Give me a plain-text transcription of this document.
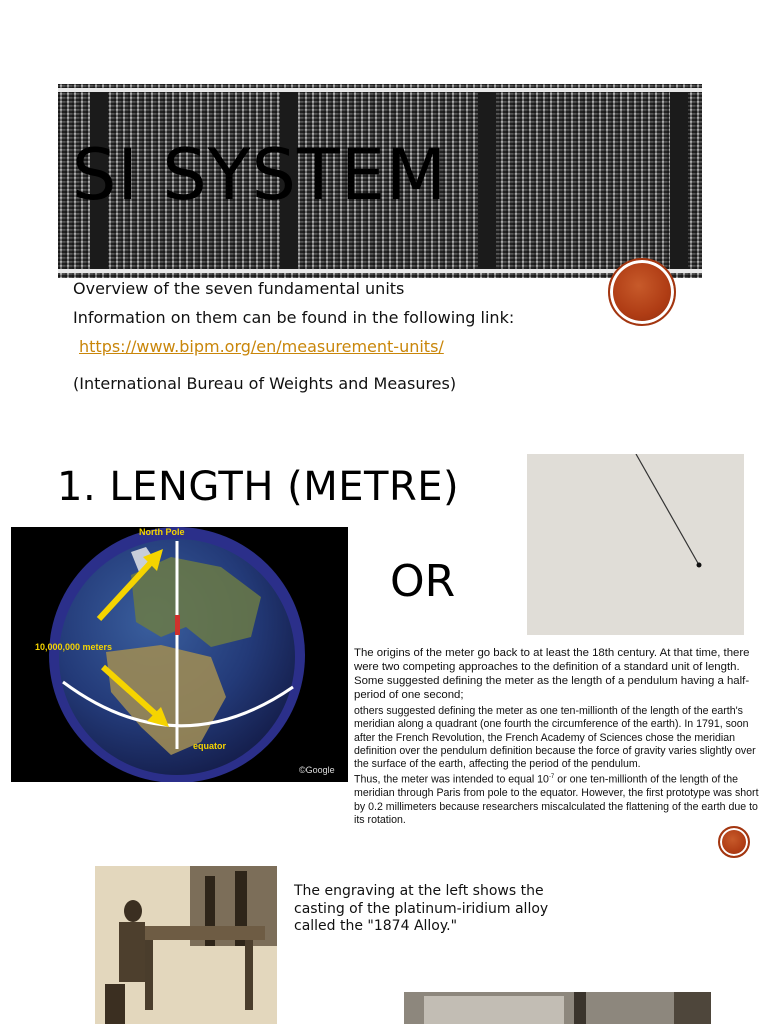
SI SYSTEM
Overview of the seven fundamental units
Information on them can be found in the following link:
https://www.bipm.org/en/measurement-units/
(International Bureau of Weights and Measures)
1. LENGTH (METRE)
North Pole
10,000,000 meters
equator
©Google
OR
The origins of the meter go back to at least the 18th century. At that time, there were two competing approaches to the definition of a standard unit of length. Some suggested defining the meter as the length of a pendulum having a half-period of one second;
others suggested defining the meter as one ten-millionth of the length of the earth's meridian along a quadrant (one fourth the circumference of the earth). In 1791, soon after the French Revolution, the French Academy of Sciences chose the meridian definition over the pendulum definition because the force of gravity varies slightly over the surface of the earth, affecting the period of the pendulum.
Thus, the meter was intended to equal $10^{-7}$ or one ten-millionth of the length of the meridian through Paris from pole to the equator. However, the first prototype was short by 0.2 millimeters because researchers miscalculated the flattening of the earth due to its rotation.
The engraving at the left shows the casting of the platinum-iridium alloy called the "1874 Alloy."
